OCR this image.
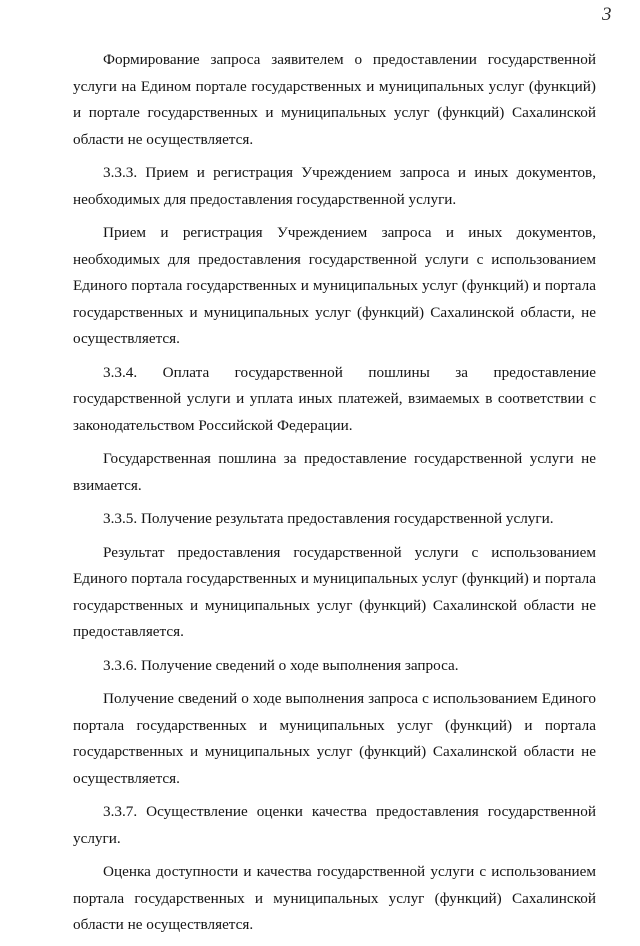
3

Формирование запроса заявителем о предоставлении государственной услуги на Едином портале государственных и муниципальных услуг (функций) и портале государственных и муниципальных услуг (функций) Сахалинской области не осуществляется.

3.3.3. Прием и регистрация Учреждением запроса и иных документов, необходимых для предоставления государственной услуги.

Прием и регистрация Учреждением запроса и иных документов, необходимых для предоставления государственной услуги с использованием Единого портала государственных и муниципальных услуг (функций) и портала государственных и муниципальных услуг (функций) Сахалинской области, не осуществляется.

3.3.4. Оплата государственной пошлины за предоставление государственной услуги и уплата иных платежей, взимаемых в соответствии с законодательством Российской Федерации.

Государственная пошлина за предоставление государственной услуги не взимается.

3.3.5. Получение результата предоставления государственной услуги.

Результат предоставления государственной услуги с использованием Единого портала государственных и муниципальных услуг (функций) и портала государственных и муниципальных услуг (функций) Сахалинской области не предоставляется.

3.3.6. Получение сведений о ходе выполнения запроса.

Получение сведений о ходе выполнения запроса с использованием Единого портала государственных и муниципальных услуг (функций) и портала государственных и муниципальных услуг (функций) Сахалинской области не осуществляется.

3.3.7. Осуществление оценки качества предоставления государственной услуги.

Оценка доступности и качества государственной услуги с использованием портала государственных и муниципальных услуг (функций) Сахалинской области не осуществляется.
